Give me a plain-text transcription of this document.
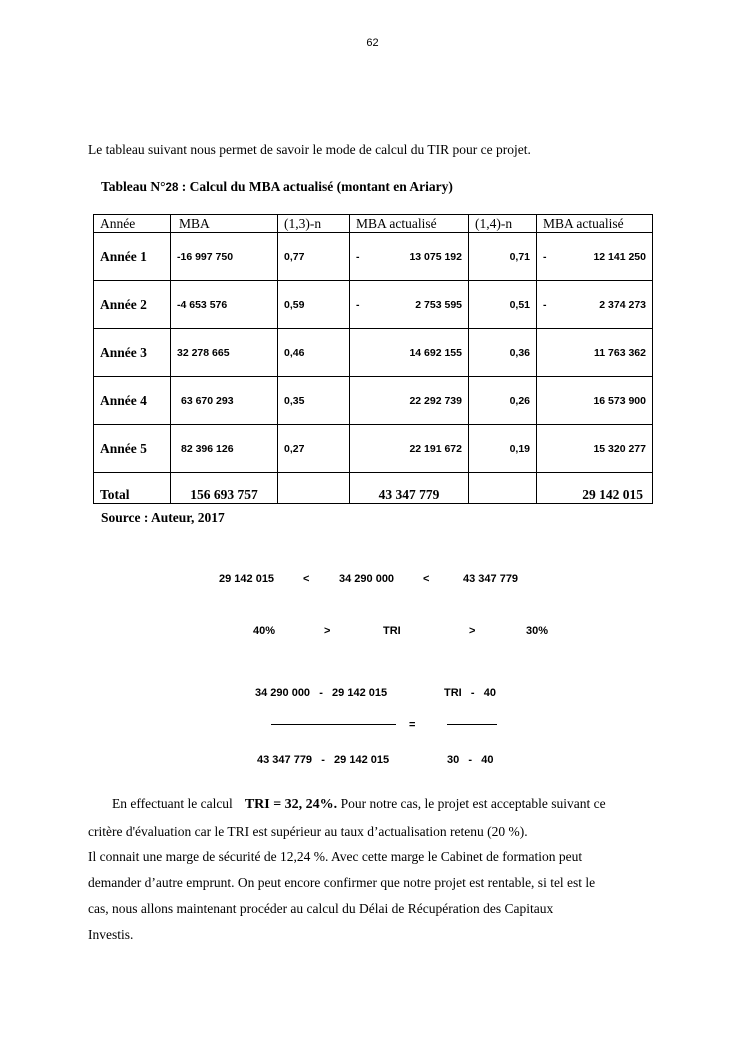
62
Le tableau suivant nous permet de savoir le mode de calcul du TIR pour ce projet.
Tableau N°28 : Calcul du MBA actualisé (montant en Ariary)
Année	MBA	(1,3)-n	MBA actualisé	(1,4)-n	MBA actualisé
Année 1	-16 997 750	0,77	- 13 075 192	0,71	- 12 141 250
Année 2	-4 653 576	0,59	- 2 753 595	0,51	- 2 374 273
Année 3	32 278 665	0,46	14 692 155	0,36	11 763 362
Année 4	63 670 293	0,35	22 292 739	0,26	16 573 900
Année 5	82 396 126	0,27	22 191 672	0,19	15 320 277
Total	156 693 757		43 347 779		29 142 015
Source : Auteur, 2017
29 142 015	<	34 290 000	<	43 347 779
40%	>	TRI	>	30%
34 290 000   -   29 142 015	TRI   -   40
=
43 347 779   -   29 142 015	30   -   40
En effectuant le calcul TRI = 32, 24%. Pour notre cas, le projet est acceptable suivant ce
critère d'évaluation car le TRI est supérieur au taux d’actualisation retenu (20 %).
Il connait une marge de sécurité de 12,24 %. Avec cette marge le Cabinet de formation peut
demander d’autre emprunt. On peut encore confirmer que notre projet est rentable, si tel est le
cas, nous allons maintenant procéder au calcul du Délai de Récupération des Capitaux
Investis.
